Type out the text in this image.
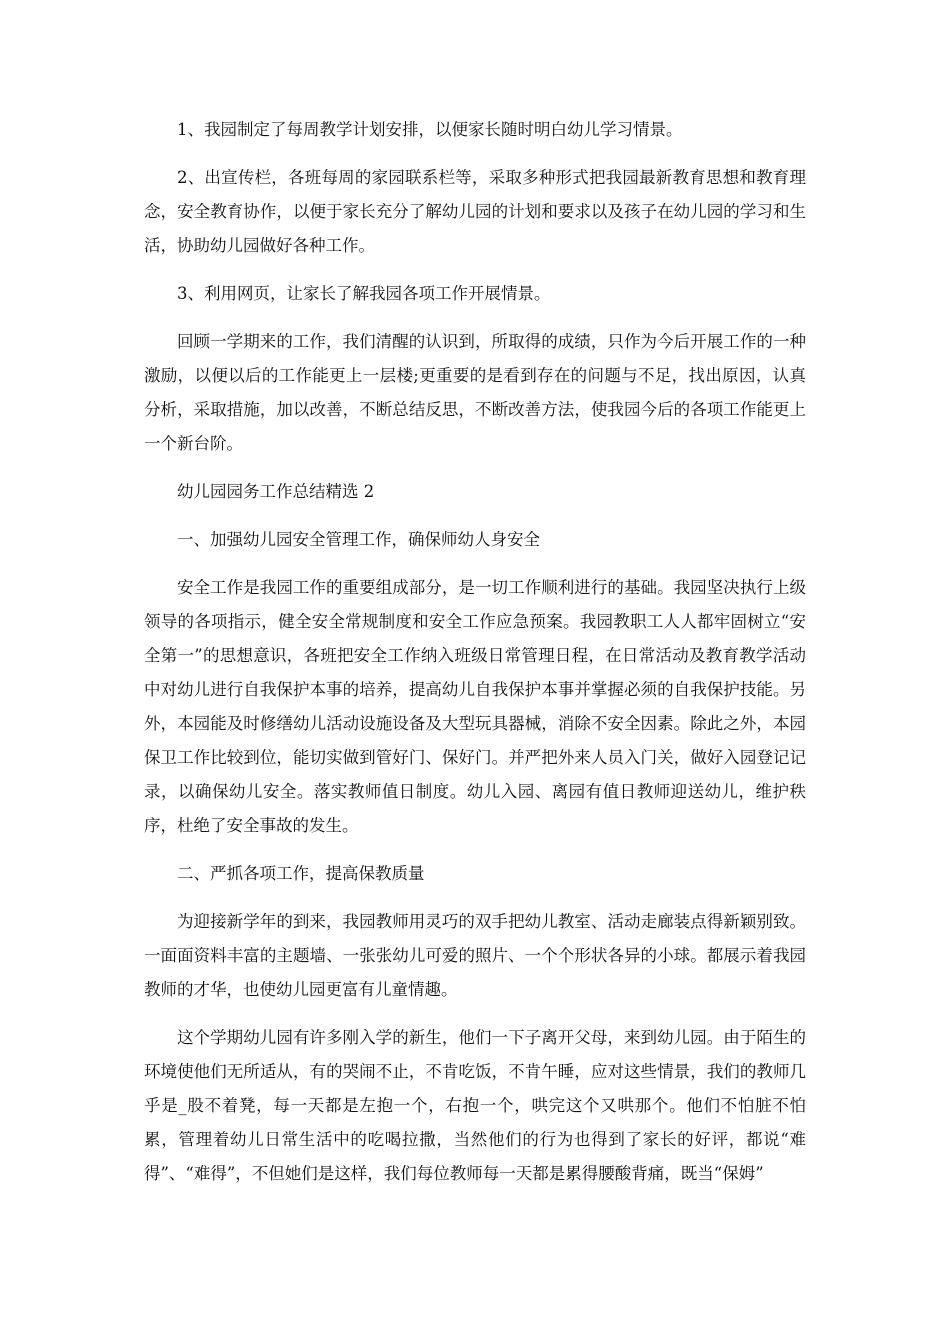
1、我园制定了每周教学计划安排，以便家长随时明白幼儿学习情景。

2、出宣传栏，各班每周的家园联系栏等，采取多种形式把我园最新教育思想和教育理念，安全教育协作，以便于家长充分了解幼儿园的计划和要求以及孩子在幼儿园的学习和生活，协助幼儿园做好各种工作。

3、利用网页，让家长了解我园各项工作开展情景。

回顾一学期来的工作，我们清醒的认识到，所取得的成绩，只作为今后开展工作的一种激励，以便以后的工作能更上一层楼;更重要的是看到存在的问题与不足，找出原因，认真分析，采取措施，加以改善，不断总结反思，不断改善方法，使我园今后的各项工作能更上一个新台阶。

幼儿园园务工作总结精选 2

一、加强幼儿园安全管理工作，确保师幼人身安全

安全工作是我园工作的重要组成部分，是一切工作顺利进行的基础。我园坚决执行上级领导的各项指示，健全安全常规制度和安全工作应急预案。我园教职工人人都牢固树立“安全第一”的思想意识，各班把安全工作纳入班级日常管理日程，在日常活动及教育教学活动中对幼儿进行自我保护本事的培养，提高幼儿自我保护本事并掌握必须的自我保护技能。另外，本园能及时修缮幼儿活动设施设备及大型玩具器械，消除不安全因素。除此之外，本园保卫工作比较到位，能切实做到管好门、保好门。并严把外来人员入门关，做好入园登记记录，以确保幼儿安全。落实教师值日制度。幼儿入园、离园有值日教师迎送幼儿，维护秩序，杜绝了安全事故的发生。

二、严抓各项工作，提高保教质量

为迎接新学年的到来，我园教师用灵巧的双手把幼儿教室、活动走廊装点得新颖别致。一面面资料丰富的主题墙、一张张幼儿可爱的照片、一个个形状各异的小球。都展示着我园教师的才华，也使幼儿园更富有儿童情趣。

这个学期幼儿园有许多刚入学的新生，他们一下子离开父母，来到幼儿园。由于陌生的环境使他们无所适从，有的哭闹不止，不肯吃饭，不肯午睡，应对这些情景，我们的教师几乎是_股不着凳，每一天都是左抱一个，右抱一个，哄完这个又哄那个。他们不怕脏不怕累，管理着幼儿日常生活中的吃喝拉撒，当然他们的行为也得到了家长的好评，都说“难得”、“难得”，不但她们是这样，我们每位教师每一天都是累得腰酸背痛，既当“保姆”
